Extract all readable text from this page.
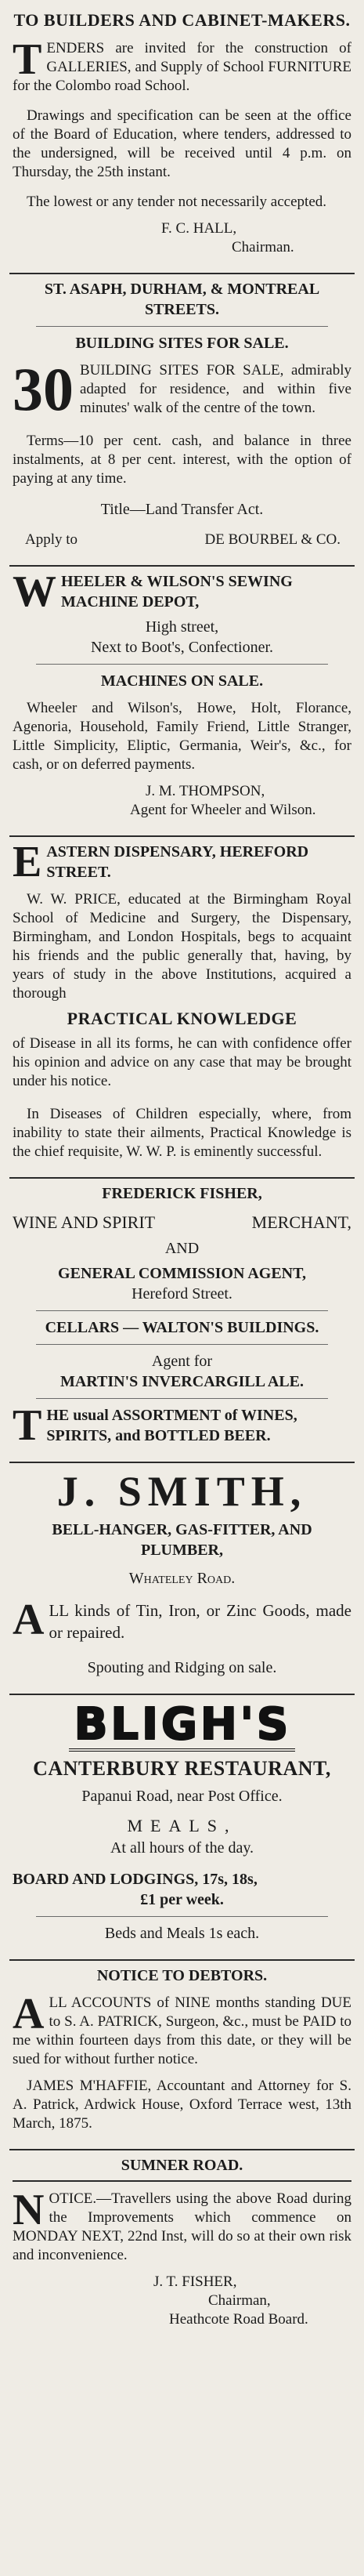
TO BUILDERS AND CABINET-MAKERS.
TENDERS are invited for the construction of GALLERIES, and Supply of School FURNITURE for the Colombo road School.
Drawings and specification can be seen at the office of the Board of Education, where tenders, addressed to the undersigned, will be received until 4 p.m. on Thursday, the 25th instant.
The lowest or any tender not necessarily accepted.
F. C. HALL,
Chairman.
ST. ASAPH, DURHAM, & MONTREAL STREETS.
BUILDING SITES FOR SALE.
30 BUILDING SITES FOR SALE, admirably adapted for residence, and within five minutes' walk of the centre of the town.
Terms—10 per cent. cash, and balance in three instalments, at 8 per cent. interest, with the option of paying at any time.
Title—Land Transfer Act.
Apply to	DE BOURBEL & CO.
WHEELER & WILSON'S SEWING MACHINE DEPOT,
High street,
Next to Boot's, Confectioner.
MACHINES ON SALE.
Wheeler and Wilson's, Howe, Holt, Florance, Agenoria, Household, Family Friend, Little Stranger, Little Simplicity, Eliptic, Germania, Weir's, &c., for cash, or on deferred payments.
J. M. THOMPSON,
Agent for Wheeler and Wilson.
EASTERN DISPENSARY, HEREFORD STREET.
W. W. PRICE, educated at the Birmingham Royal School of Medicine and Surgery, the Dispensary, Birmingham, and London Hospitals, begs to acquaint his friends and the public generally that, having, by years of study in the above Institutions, acquired a thorough
PRACTICAL KNOWLEDGE
of Disease in all its forms, he can with confidence offer his opinion and advice on any case that may be brought under his notice.
In Diseases of Children especially, where, from inability to state their ailments, Practical Knowledge is the chief requisite, W. W. P. is eminently successful.
FREDERICK FISHER,
WINE AND SPIRIT	MERCHANT,
AND
GENERAL COMMISSION AGENT,
Hereford Street.
CELLARS — WALTON'S BUILDINGS.
Agent for
MARTIN'S INVERCARGILL ALE.
THE usual ASSORTMENT of WINES, SPIRITS, and BOTTLED BEER.
J. SMITH,
BELL-HANGER, GAS-FITTER, AND PLUMBER,
Whateley Road.
ALL kinds of Tin, Iron, or Zinc Goods, made or repaired.
Spouting and Ridging on sale.
BLIGH'S
CANTERBURY RESTAURANT,
Papanui Road, near Post Office.
MEALS,
At all hours of the day.
BOARD AND LODGINGS, 17s, 18s,
£1 per week.
Beds and Meals 1s each.
NOTICE TO DEBTORS.
ALL ACCOUNTS of NINE months standing DUE to S. A. PATRICK, Surgeon, &c., must be PAID to me within fourteen days from this date, or they will be sued for without further notice.
JAMES M'HAFFIE, Accountant and Attorney for S. A. Patrick, Ardwick House, Oxford Terrace west, 13th March, 1875.
SUMNER ROAD.
NOTICE.—Travellers using the above Road during the Improvements which commence on MONDAY NEXT, 22nd Inst, will do so at their own risk and inconvenience.
J. T. FISHER,
Chairman,
Heathcote Road Board.
